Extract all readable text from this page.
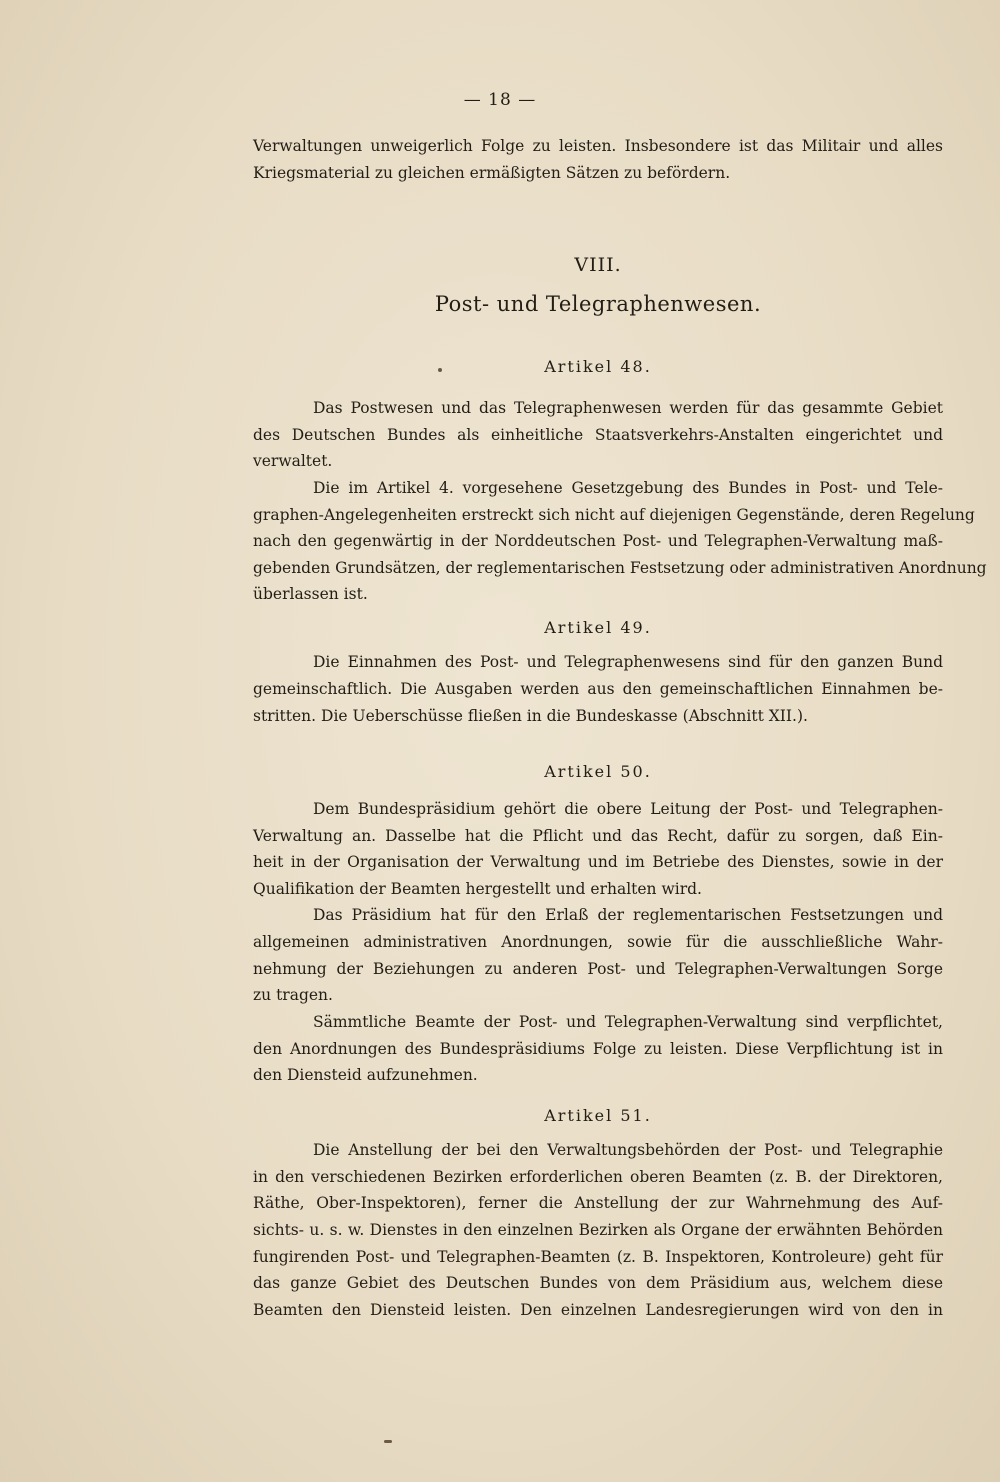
— 18 —
Verwaltungen unweigerlich Folge zu leisten. Insbesondere ist das Militair und alles
Kriegsmaterial zu gleichen ermäßigten Sätzen zu befördern.
VIII.
Post- und Telegraphenwesen.
Artikel 48.
Das Postwesen und das Telegraphenwesen werden für das gesammte Gebiet
des Deutschen Bundes als einheitliche Staatsverkehrs-Anstalten eingerichtet und
verwaltet.
Die im Artikel 4. vorgesehene Gesetzgebung des Bundes in Post- und Tele-
graphen-Angelegenheiten erstreckt sich nicht auf diejenigen Gegenstände, deren Regelung
nach den gegenwärtig in der Norddeutschen Post- und Telegraphen-Verwaltung maß-
gebenden Grundsätzen, der reglementarischen Festsetzung oder administrativen Anordnung
überlassen ist.
Artikel 49.
Die Einnahmen des Post- und Telegraphenwesens sind für den ganzen Bund
gemeinschaftlich. Die Ausgaben werden aus den gemeinschaftlichen Einnahmen be-
stritten. Die Ueberschüsse fließen in die Bundeskasse (Abschnitt XII.).
Artikel 50.
Dem Bundespräsidium gehört die obere Leitung der Post- und Telegraphen-
Verwaltung an. Dasselbe hat die Pflicht und das Recht, dafür zu sorgen, daß Ein-
heit in der Organisation der Verwaltung und im Betriebe des Dienstes, sowie in der
Qualifikation der Beamten hergestellt und erhalten wird.
Das Präsidium hat für den Erlaß der reglementarischen Festsetzungen und
allgemeinen administrativen Anordnungen, sowie für die ausschließliche Wahr-
nehmung der Beziehungen zu anderen Post- und Telegraphen-Verwaltungen Sorge
zu tragen.
Sämmtliche Beamte der Post- und Telegraphen-Verwaltung sind verpflichtet,
den Anordnungen des Bundespräsidiums Folge zu leisten. Diese Verpflichtung ist in
den Diensteid aufzunehmen.
Artikel 51.
Die Anstellung der bei den Verwaltungsbehörden der Post- und Telegraphie
in den verschiedenen Bezirken erforderlichen oberen Beamten (z. B. der Direktoren,
Räthe, Ober-Inspektoren), ferner die Anstellung der zur Wahrnehmung des Auf-
sichts- u. s. w. Dienstes in den einzelnen Bezirken als Organe der erwähnten Behörden
fungirenden Post- und Telegraphen-Beamten (z. B. Inspektoren, Kontroleure) geht für
das ganze Gebiet des Deutschen Bundes von dem Präsidium aus, welchem diese
Beamten den Diensteid leisten. Den einzelnen Landesregierungen wird von den in
